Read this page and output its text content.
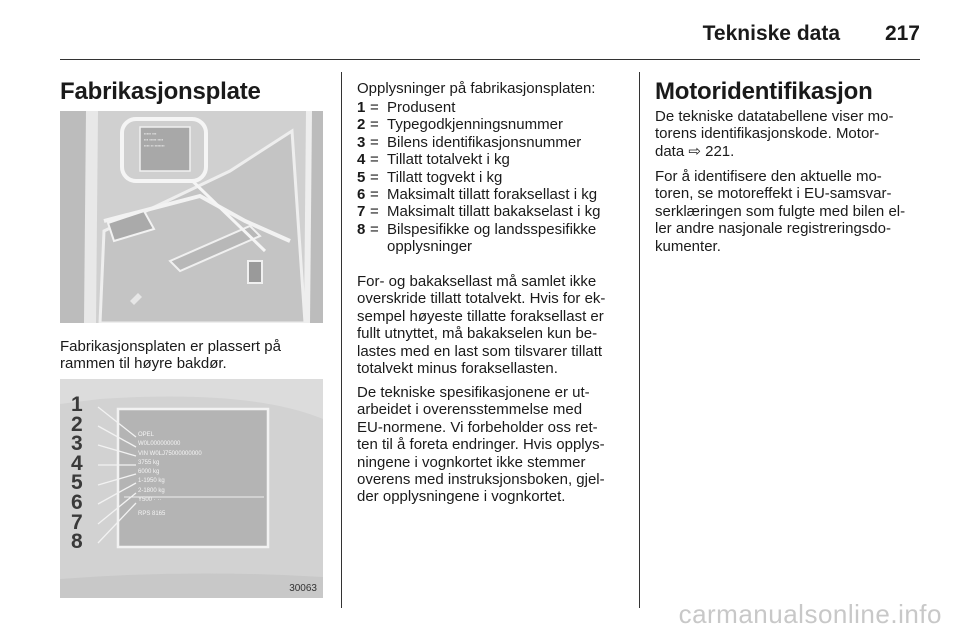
Tekniske data 217
Fabrikasjonsplate
▪▪▪▪▪ ▪▪▪
▪▪▪ ▪▪▪▪▪ ▪▪▪▪
▪▪▪▪ ▪▪ ▪▪▪▪▪▪▪
Fabrikasjonsplaten er plassert på
rammen til høyre bakdør.
1
2
3
4
5
6
7
8
OPEL
W0L000000000
VIN W0LJ75000000000
3755 kg
6000 kg
1-1950 kg
2-1800 kg
Y500 · ··
RPS 8165
30063
Opplysninger på fabrikasjonsplaten:
1 = Produsent
2 = Typegodkjenningsnummer
3 = Bilens identifikasjonsnummer
4 = Tillatt totalvekt i kg
5 = Tillatt togvekt i kg
6 = Maksimalt tillatt foraksellast i kg
7 = Maksimalt tillatt bakakselast i kg
8 = Bilspesifikke og landsspesifikke opplysninger
For- og bakaksellast må samlet ikke
overskride tillatt totalvekt. Hvis for ek-
sempel høyeste tillatte foraksellast er
fullt utnyttet, må bakakselen kun be-
lastes med en last som tilsvarer tillatt
totalvekt minus foraksellasten.
De tekniske spesifikasjonene er ut-
arbeidet i overensstemmelse med
EU-normene. Vi forbeholder oss ret-
ten til å foreta endringer. Hvis opplys-
ningene i vognkortet ikke stemmer
overens med instruksjonsboken, gjel-
der opplysningene i vognkortet.
Motoridentifikasjon
De tekniske datatabellene viser mo-
torens identifikasjonskode. Motor-
data ⇨ 221.
For å identifisere den aktuelle mo-
toren, se motoreffekt i EU-samsvar-
serklæringen som fulgte med bilen el-
ler andre nasjonale registreringsdo-
kumenter.
carmanualsonline.info
